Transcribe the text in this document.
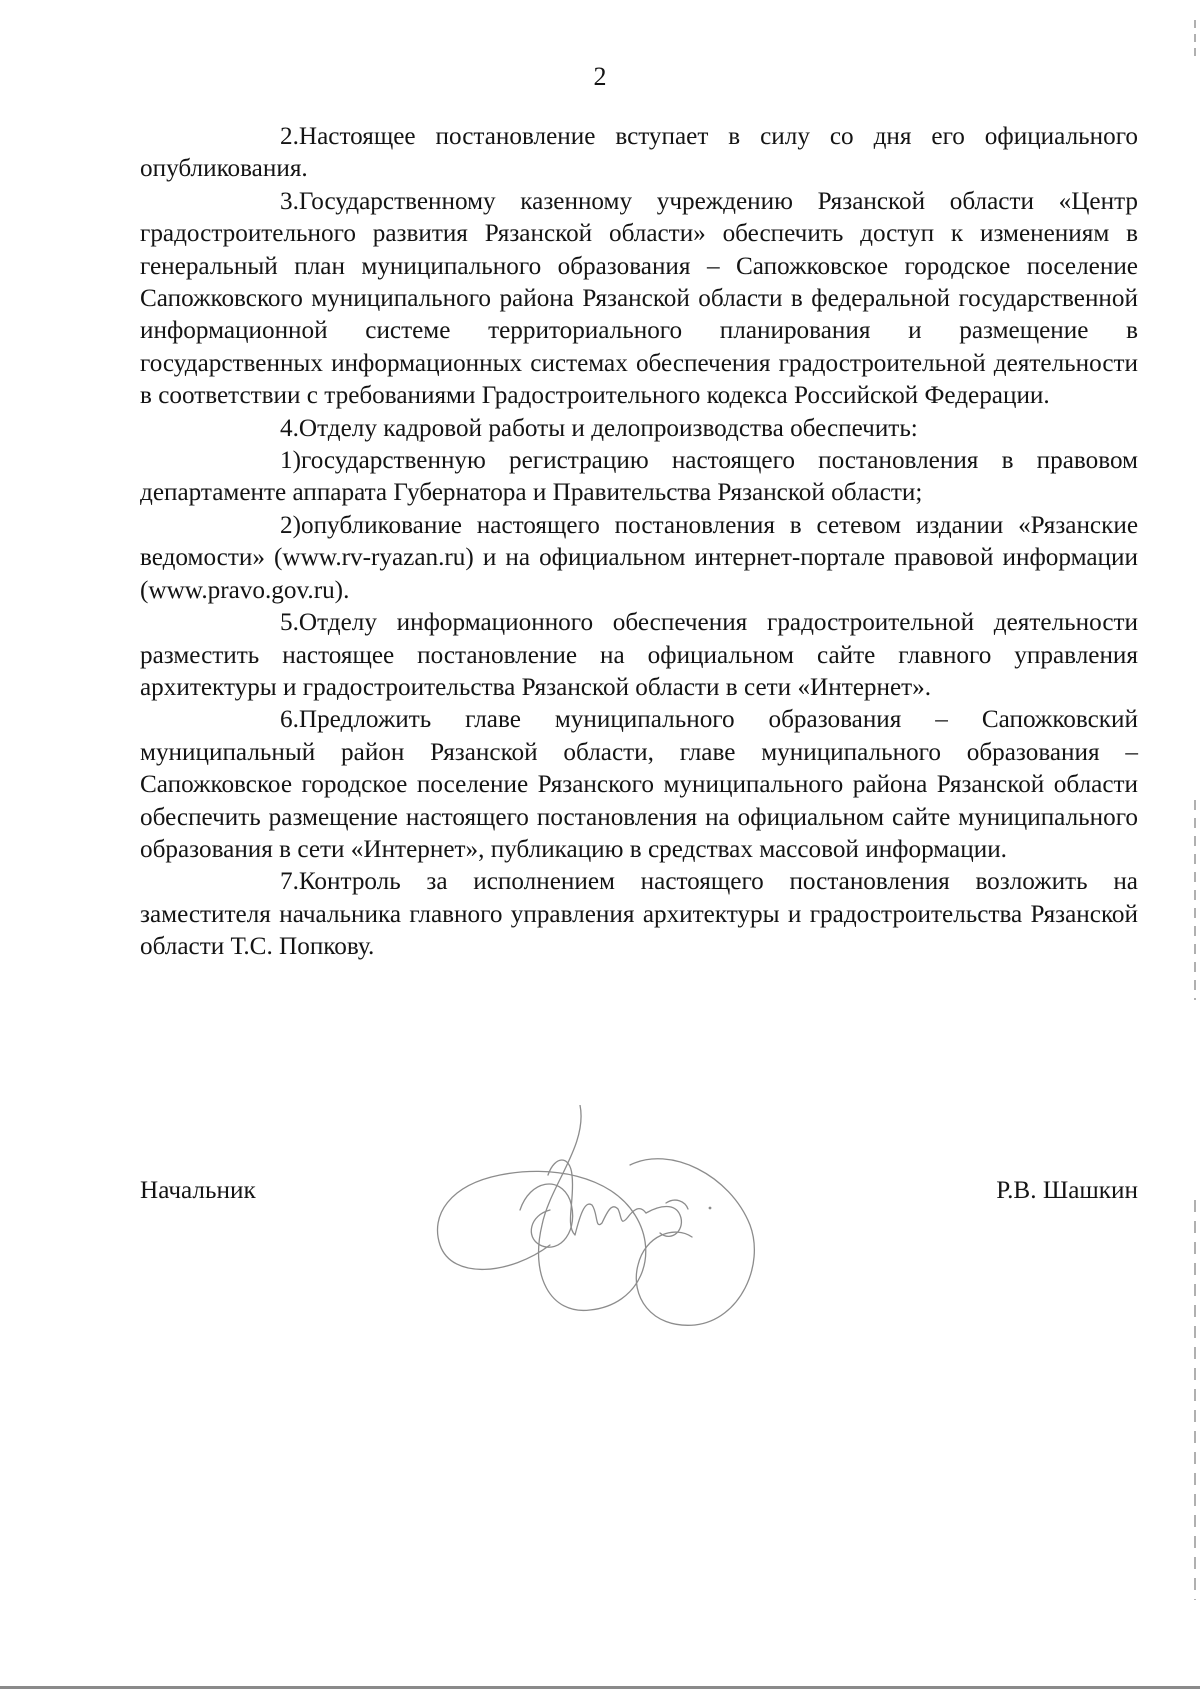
2

2.Настоящее постановление вступает в силу со дня его официального опубликования.

3.Государственному казенному учреждению Рязанской области «Центр градостроительного развития Рязанской области» обеспечить доступ к изменениям в генеральный план муниципального образования – Сапожковское городское поселение Сапожковского муниципального района Рязанской области в федеральной государственной информационной системе территориального планирования и размещение в государственных информационных системах обеспечения градостроительной деятельности в соответствии с требованиями Градостроительного кодекса Российской Федерации.

4.Отделу кадровой работы и делопроизводства обеспечить:

1)государственную регистрацию настоящего постановления в правовом департаменте аппарата Губернатора и Правительства Рязанской области;

2)опубликование настоящего постановления в сетевом издании «Рязанские ведомости» (www.rv-ryazan.ru) и на официальном интернет-портале правовой информации (www.pravo.gov.ru).

5.Отделу информационного обеспечения градостроительной деятельности разместить настоящее постановление на официальном сайте главного управления архитектуры и градостроительства Рязанской области в сети «Интернет».

6.Предложить главе муниципального образования – Сапожковский муниципальный район Рязанской области, главе муниципального образования – Сапожковское городское поселение Рязанского муниципального района Рязанской области обеспечить размещение настоящего постановления на официальном сайте муниципального образования в сети «Интернет», публикацию в средствах массовой информации.

7.Контроль за исполнением настоящего постановления возложить на заместителя начальника главного управления архитектуры и градостроительства Рязанской области Т.С. Попкову.

Начальник	Р.В. Шашкин
